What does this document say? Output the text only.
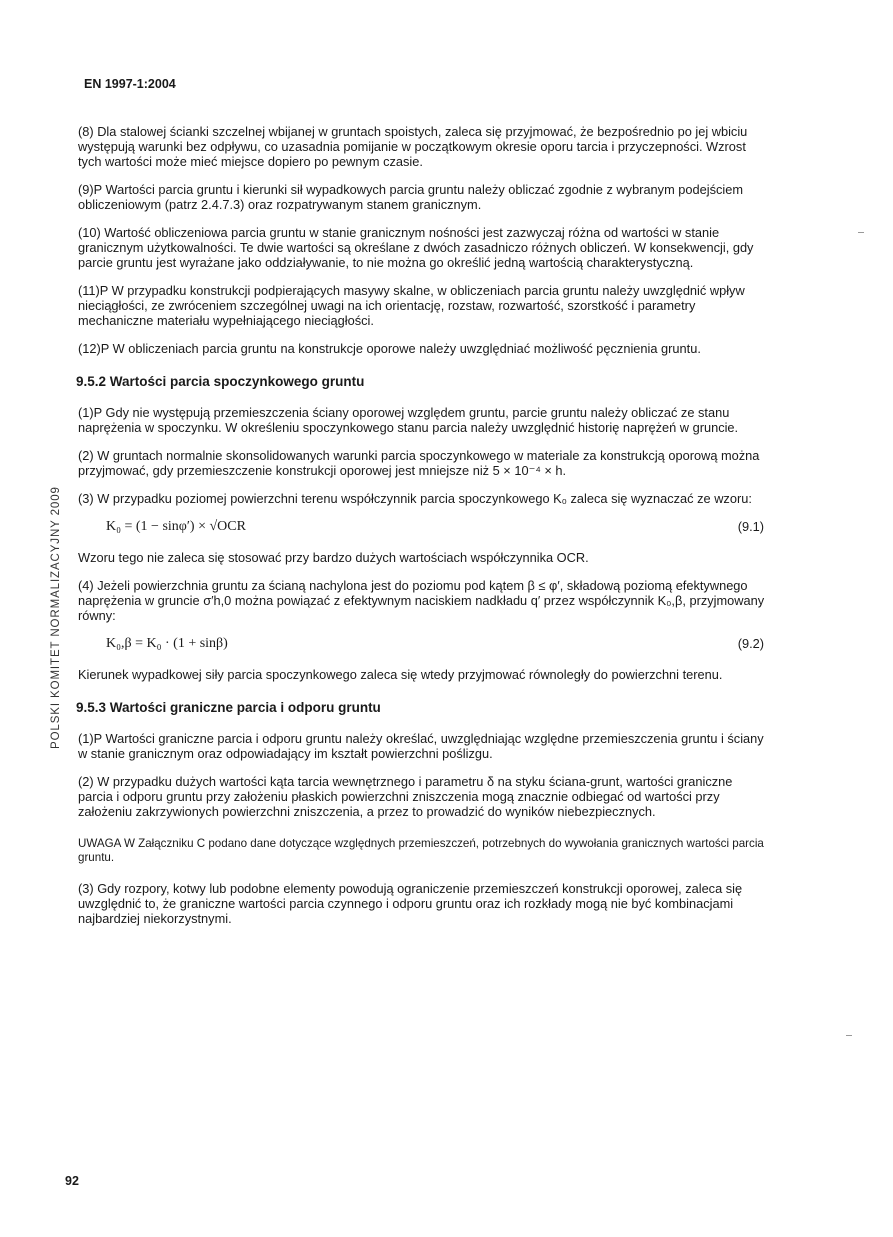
EN 1997-1:2004
POLSKI KOMITET NORMALIZACYJNY 2009

(8) Dla stalowej ścianki szczelnej wbijanej w gruntach spoistych, zaleca się przyjmować, że bezpośrednio po jej wbiciu występują warunki bez odpływu, co uzasadnia pomijanie w początkowym okresie oporu tarcia i przyczepności. Wzrost tych wartości może mieć miejsce dopiero po pewnym czasie.

(9)P Wartości parcia gruntu i kierunki sił wypadkowych parcia gruntu należy obliczać zgodnie z wybranym podejściem obliczeniowym (patrz 2.4.7.3) oraz rozpatrywanym stanem granicznym.

(10) Wartość obliczeniowa parcia gruntu w stanie granicznym nośności jest zazwyczaj różna od wartości w stanie granicznym użytkowalności. Te dwie wartości są określane z dwóch zasadniczo różnych obliczeń. W konsekwencji, gdy parcie gruntu jest wyrażane jako oddziaływanie, to nie można go określić jedną wartością charakterystyczną.

(11)P W przypadku konstrukcji podpierających masywy skalne, w obliczeniach parcia gruntu należy uwzględnić wpływ nieciągłości, ze zwróceniem szczególnej uwagi na ich orientację, rozstaw, rozwartość, szorstkość i parametry mechaniczne materiału wypełniającego nieciągłości.

(12)P W obliczeniach parcia gruntu na konstrukcje oporowe należy uwzględniać możliwość pęcznienia gruntu.

9.5.2 Wartości parcia spoczynkowego gruntu

(1)P Gdy nie występują przemieszczenia ściany oporowej względem gruntu, parcie gruntu należy obliczać ze stanu naprężenia w spoczynku. W określeniu spoczynkowego stanu parcia należy uwzględnić historię naprężeń w gruncie.

(2) W gruntach normalnie skonsolidowanych warunki parcia spoczynkowego w materiale za konstrukcją oporową można przyjmować, gdy przemieszczenie konstrukcji oporowej jest mniejsze niż 5 × 10⁻⁴ × h.

(3) W przypadku poziomej powierzchni terenu współczynnik parcia spoczynkowego K₀ zaleca się wyznaczać ze wzoru:

K₀ = (1 − sinφ′) × √OCR	(9.1)

Wzoru tego nie zaleca się stosować przy bardzo dużych wartościach współczynnika OCR.

(4) Jeżeli powierzchnia gruntu za ścianą nachylona jest do poziomu pod kątem β ≤ φ′, składową poziomą efektywnego naprężenia w gruncie σ′h,0 można powiązać z efektywnym naciskiem nadkładu q′ przez współczynnik K₀,β, przyjmowany równy:

K₀,β = K₀ · (1 + sinβ)	(9.2)

Kierunek wypadkowej siły parcia spoczynkowego zaleca się wtedy przyjmować równoległy do powierzchni terenu.

9.5.3 Wartości graniczne parcia i odporu gruntu

(1)P Wartości graniczne parcia i odporu gruntu należy określać, uwzględniając względne przemieszczenia gruntu i ściany w stanie granicznym oraz odpowiadający im kształt powierzchni poślizgu.

(2) W przypadku dużych wartości kąta tarcia wewnętrznego i parametru δ na styku ściana-grunt, wartości graniczne parcia i odporu gruntu przy założeniu płaskich powierzchni zniszczenia mogą znacznie odbiegać od wartości przy założeniu zakrzywionych powierzchni zniszczenia, a przez to prowadzić do wyników niebezpiecznych.

UWAGA W Załączniku C podano dane dotyczące względnych przemieszczeń, potrzebnych do wywołania granicznych wartości parcia gruntu.

(3) Gdy rozpory, kotwy lub podobne elementy powodują ograniczenie przemieszczeń konstrukcji oporowej, zaleca się uwzględnić to, że graniczne wartości parcia czynnego i odporu gruntu oraz ich rozkłady mogą nie być kombinacjami najbardziej niekorzystnymi.

92
